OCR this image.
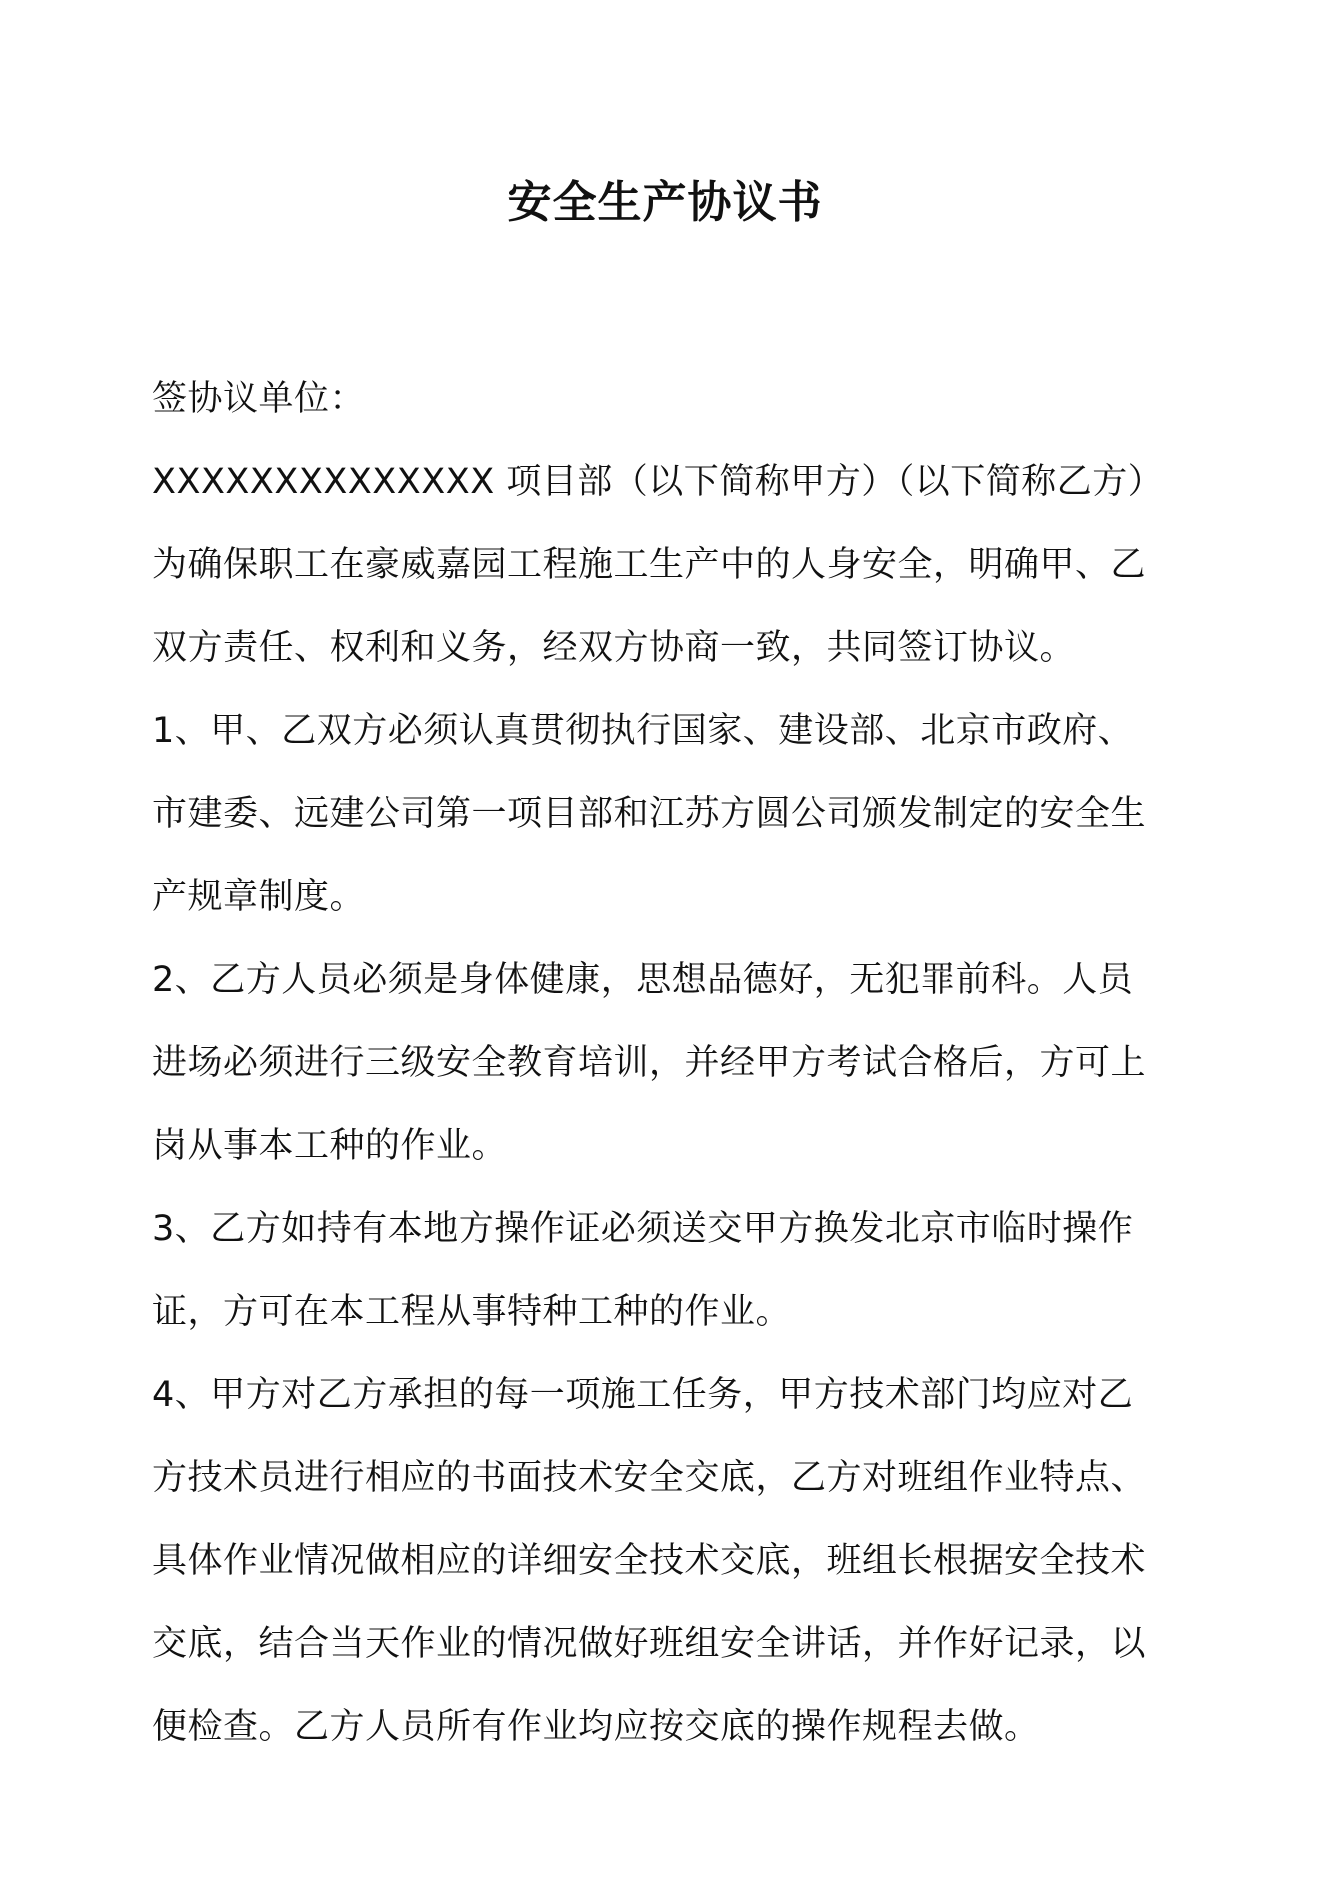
安全生产协议书
签协议单位：
XXXXXXXXXXXXXX 项目部（以下简称甲方）（以下简称乙方）
为确保职工在豪威嘉园工程施工生产中的人身安全，明确甲、乙
双方责任、权利和义务，经双方协商一致，共同签订协议。
1、甲、乙双方必须认真贯彻执行国家、建设部、北京市政府、
市建委、远建公司第一项目部和江苏方圆公司颁发制定的安全生
产规章制度。
2、乙方人员必须是身体健康，思想品德好，无犯罪前科。人员
进场必须进行三级安全教育培训，并经甲方考试合格后，方可上
岗从事本工种的作业。
3、乙方如持有本地方操作证必须送交甲方换发北京市临时操作
证，方可在本工程从事特种工种的作业。
4、甲方对乙方承担的每一项施工任务，甲方技术部门均应对乙
方技术员进行相应的书面技术安全交底，乙方对班组作业特点、
具体作业情况做相应的详细安全技术交底，班组长根据安全技术
交底，结合当天作业的情况做好班组安全讲话，并作好记录，以
便检查。乙方人员所有作业均应按交底的操作规程去做。
